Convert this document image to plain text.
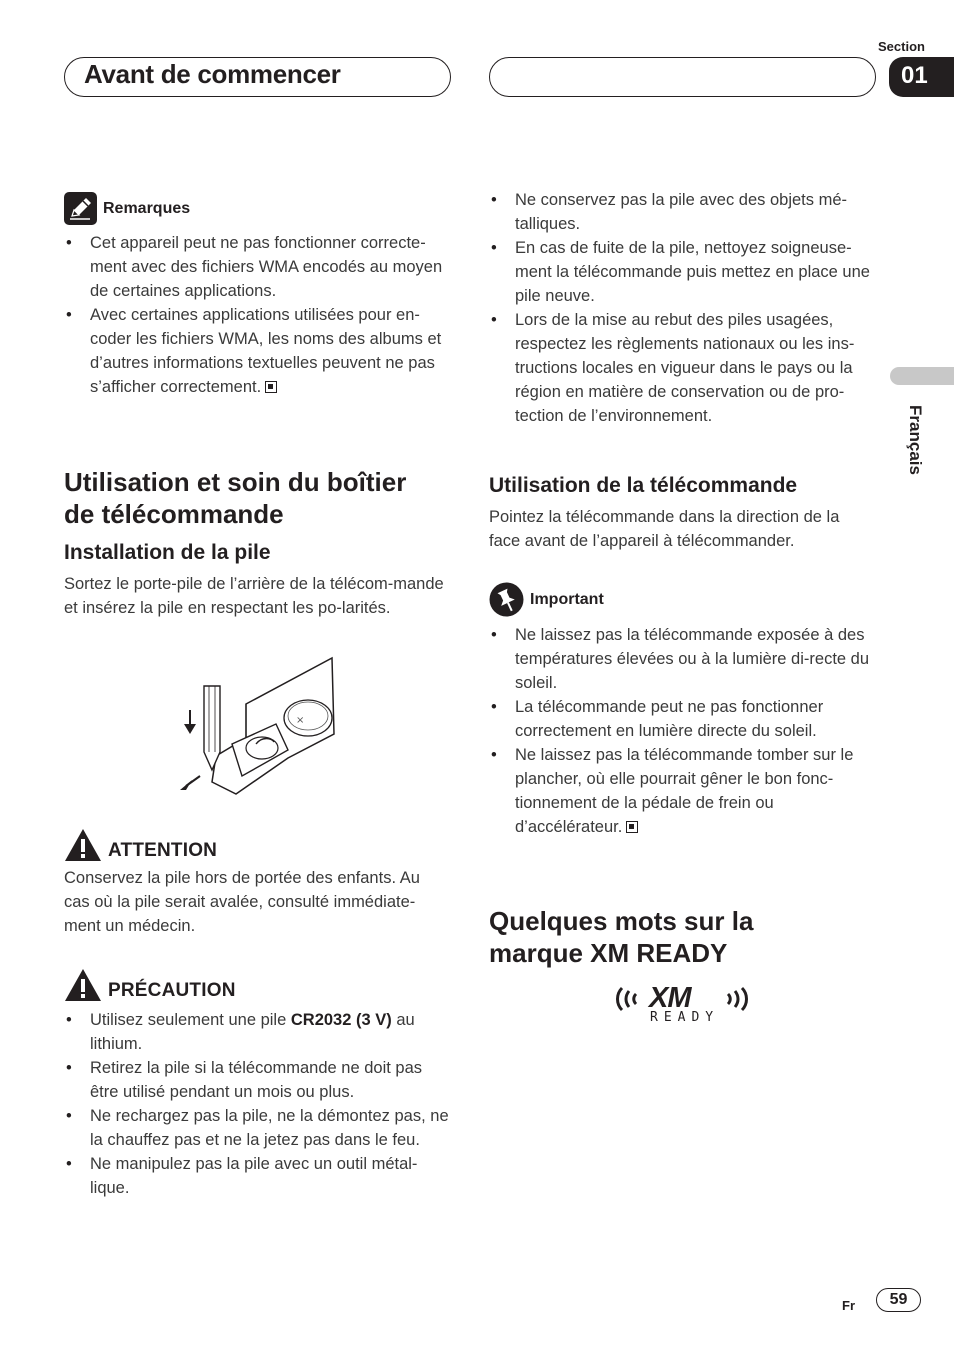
Avant de commencer
Section
01
Français
Remarques
• Cet appareil peut ne pas fonctionner correcte-ment avec des fichiers WMA encodés au moyen de certaines applications.
• Avec certaines applications utilisées pour en-coder les fichiers WMA, les noms des albums et d’autres informations textuelles peuvent ne pas s’afficher correctement.
Utilisation et soin du boîtier de télécommande
Installation de la pile
Sortez le porte-pile de l’arrière de la télécom-mande et insérez la pile en respectant les po-larités.
×
ATTENTION
Conservez la pile hors de portée des enfants. Au cas où la pile serait avalée, consulté immédiate-ment un médecin.
PRÉCAUTION
• Utilisez seulement une pile CR2032 (3 V) au lithium.
• Retirez la pile si la télécommande ne doit pas être utilisé pendant un mois ou plus.
• Ne rechargez pas la pile, ne la démontez pas, ne la chauffez pas et ne la jetez pas dans le feu.
• Ne manipulez pas la pile avec un outil métal-lique.
• Ne conservez pas la pile avec des objets mé-talliques.
• En cas de fuite de la pile, nettoyez soigneuse-ment la télécommande puis mettez en place une pile neuve.
• Lors de la mise au rebut des piles usagées, respectez les règlements nationaux ou les ins-tructions locales en vigueur dans le pays ou la région en matière de conservation ou de pro-tection de l’environnement.
Utilisation de la télécommande
Pointez la télécommande dans la direction de la face avant de l’appareil à télécommander.
Important
• Ne laissez pas la télécommande exposée à des températures élevées ou à la lumière di-recte du soleil.
• La télécommande peut ne pas fonctionner correctement en lumière directe du soleil.
• Ne laissez pas la télécommande tomber sur le plancher, où elle pourrait gêner le bon fonc-tionnement de la pédale de frein ou d’accélérateur.
Quelques mots sur la marque XM READY
XM
READY
Fr	59
